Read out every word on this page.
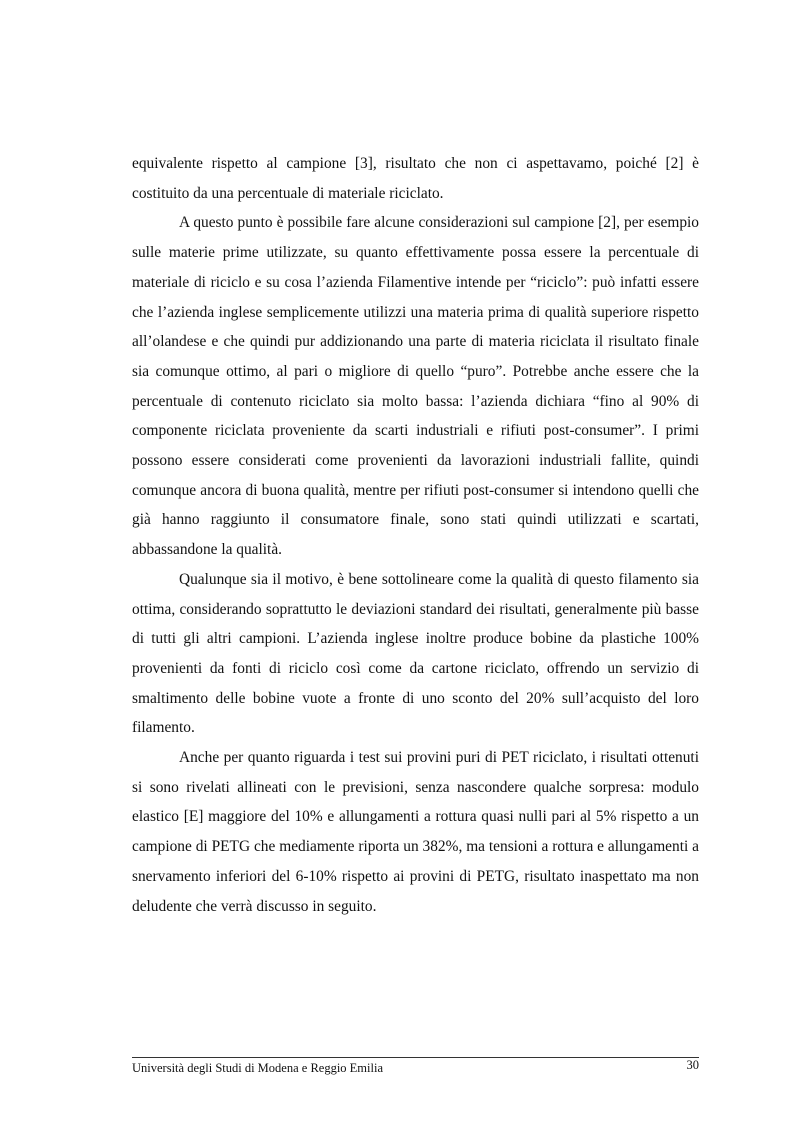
equivalente rispetto al campione [3], risultato che non ci aspettavamo, poiché [2] è costituito da una percentuale di materiale riciclato.

A questo punto è possibile fare alcune considerazioni sul campione [2], per esempio sulle materie prime utilizzate, su quanto effettivamente possa essere la percentuale di materiale di riciclo e su cosa l’azienda Filamentive intende per “riciclo”: può infatti essere che l’azienda inglese semplicemente utilizzi una materia prima di qualità superiore rispetto all’olandese e che quindi pur addizionando una parte di materia riciclata il risultato finale sia comunque ottimo, al pari o migliore di quello “puro”. Potrebbe anche essere che la percentuale di contenuto riciclato sia molto bassa: l’azienda dichiara “fino al 90% di componente riciclata proveniente da scarti industriali e rifiuti post-consumer”. I primi possono essere considerati come provenienti da lavorazioni industriali fallite, quindi comunque ancora di buona qualità, mentre per rifiuti post-consumer si intendono quelli che già hanno raggiunto il consumatore finale, sono stati quindi utilizzati e scartati, abbassandone la qualità.

Qualunque sia il motivo, è bene sottolineare come la qualità di questo filamento sia ottima, considerando soprattutto le deviazioni standard dei risultati, generalmente più basse di tutti gli altri campioni. L’azienda inglese inoltre produce bobine da plastiche 100% provenienti da fonti di riciclo così come da cartone riciclato, offrendo un servizio di smaltimento delle bobine vuote a fronte di uno sconto del 20% sull’acquisto del loro filamento.

Anche per quanto riguarda i test sui provini puri di PET riciclato, i risultati ottenuti si sono rivelati allineati con le previsioni, senza nascondere qualche sorpresa: modulo elastico [E] maggiore del 10% e allungamenti a rottura quasi nulli pari al 5% rispetto a un campione di PETG che mediamente riporta un 382%, ma tensioni a rottura e allungamenti a snervamento inferiori del 6-10% rispetto ai provini di PETG, risultato inaspettato ma non deludente che verrà discusso in seguito.

Università degli Studi di Modena e Reggio Emilia	30
